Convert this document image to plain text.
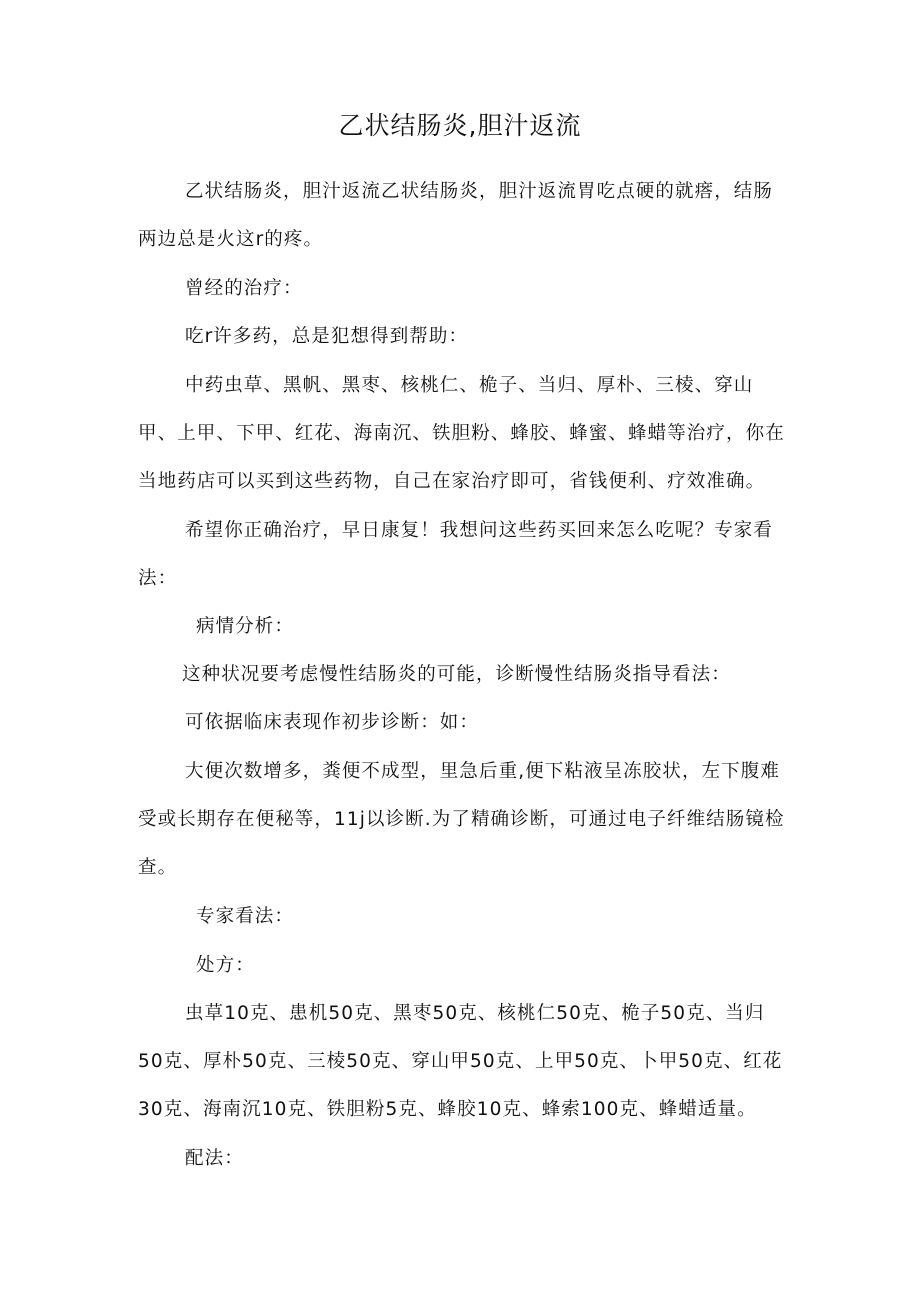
乙状结肠炎,胆汁返流

乙状结肠炎，胆汁返流乙状结肠炎，胆汁返流胃吃点硬的就瘩，结肠两边总是火这r的疼。

曾经的治疗：

吃r许多药，总是犯想得到帮助：

中药虫草、黑帆、黑枣、核桃仁、桅子、当归、厚朴、三棱、穿山甲、上甲、下甲、红花、海南沉、铁胆粉、蜂胶、蜂蜜、蜂蜡等治疗，你在当地药店可以买到这些药物，自己在家治疗即可，省钱便利、疗效准确。

希望你正确治疗，早日康复！我想问这些药买回来怎么吃呢？专家看法：

病情分析：

这种状况要考虑慢性结肠炎的可能，诊断慢性结肠炎指导看法：

可依据临床表现作初步诊断：如：

大便次数增多，粪便不成型，里急后重,便下粘液呈冻胶状，左下腹难受或长期存在便秘等，11j以诊断.为了精确诊断，可通过电子纤维结肠镜检查。

专家看法：

处方：

虫草10克、患机50克、黑枣50克、核桃仁50克、桅子50克、当归50克、厚朴50克、三棱50克、穿山甲50克、上甲50克、卜甲50克、红花30克、海南沉10克、铁胆粉5克、蜂胶10克、蜂索100克、蜂蜡适量。

配法：
